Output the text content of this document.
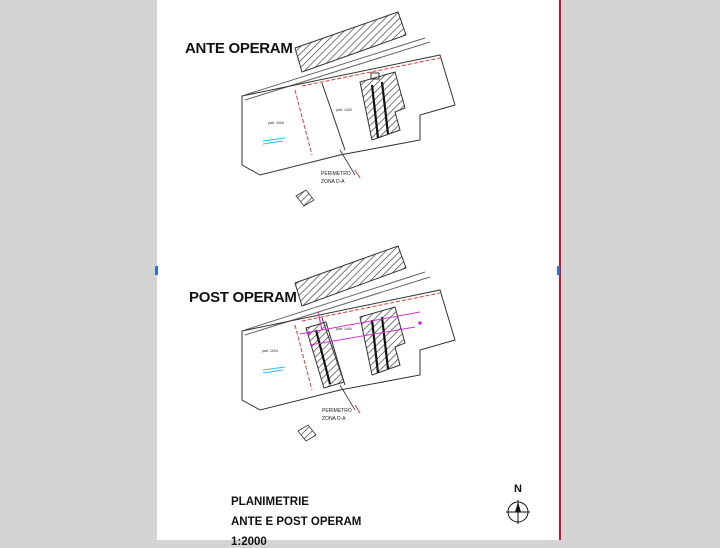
part. 1004
part. 1400
PERIMETRO
ZONA D-A
part. 1004
part. 1400
PERIMETRO
ZONA D-A
ANTE OPERAM
POST OPERAM
PLANIMETRIE
ANTE E POST OPERAM
1:2000
N
